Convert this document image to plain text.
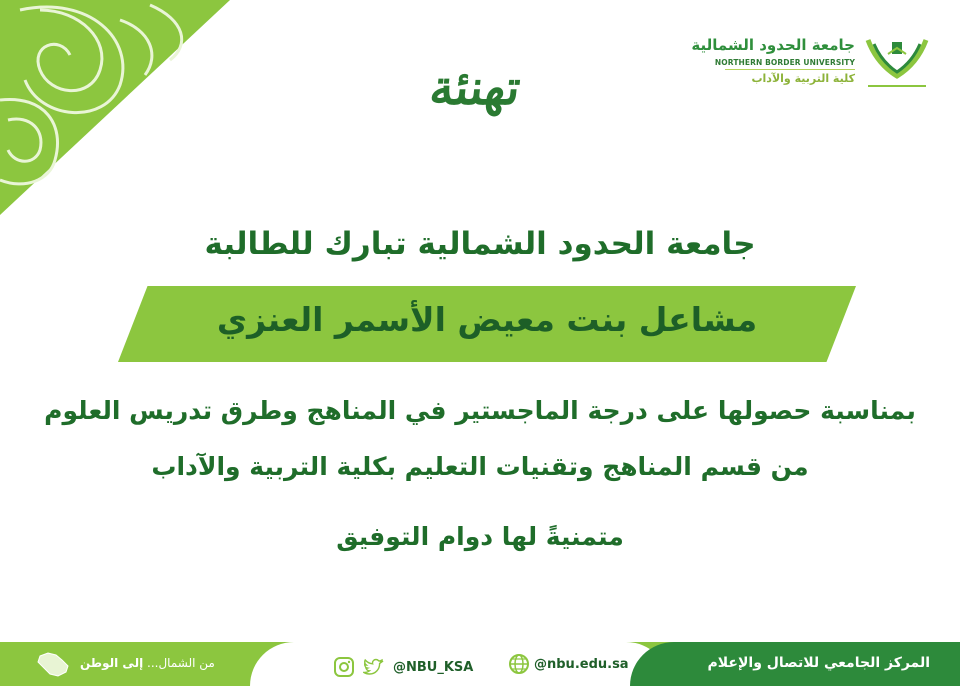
جامعة الحدود الشمالية
NORTHERN BORDER UNIVERSITY
كلية التربية والآداب
تهنئة
جامعة الحدود الشمالية تبارك للطالبة
مشاعل بنت معيض الأسمر العنزي
بمناسبة حصولها على درجة الماجستير في المناهج وطرق تدريس العلوم
من قسم المناهج وتقنيات التعليم بكلية التربية والآداب
متمنيةً لها دوام التوفيق
المركز الجامعي للاتصال والإعلام
من الشمال... إلى الوطن	@NBU_KSA	@nbu.edu.sa
